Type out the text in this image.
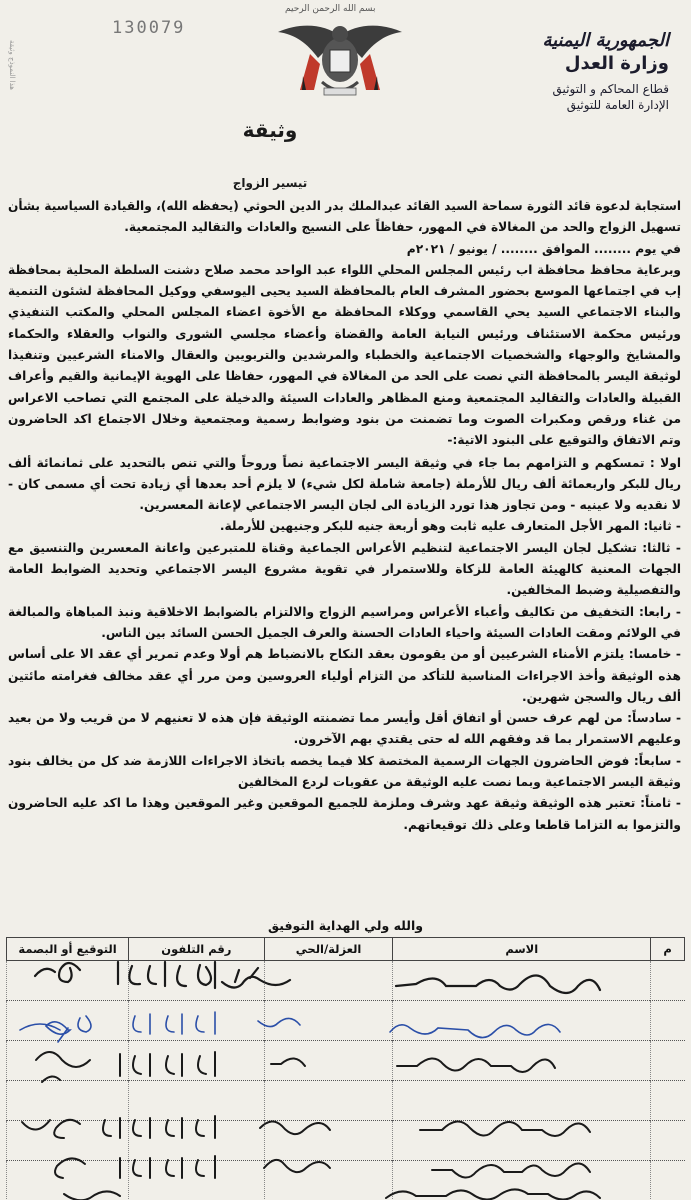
130079
هذا النموذج وثيقة
بسم الله الرحمن الرحيم
الجمهورية اليمنية
وزارة العدل
قطاع المحاكم و التوثيق
الإدارة العامة للتوثيق
وثيقة
تيسير الزواج

استجابة لدعوة قائد الثورة سماحة السيد القائد عبدالملك بدر الدين الحوثي (يحفظه الله)، والقيادة السياسية بشأن تسهيل الزواج والحد من المغالاة في المهور، حفاظاً على النسيج والعادات والتقاليد المجتمعية.

في يوم ........ الموافق ........ / يونيو / ٢٠٢١م

وبرعاية محافظ محافظة اب رئيس المجلس المحلي اللواء عبد الواحد محمد صلاح دشنت السلطة المحلية بمحافظة إب في اجتماعها الموسع بحضور المشرف العام بالمحافظة السيد يحيى اليوسفي ووكيل المحافظة لشئون التنمية والبناء الاجتماعي السيد يحي القاسمي ووكلاء المحافظة مع الأخوة اعضاء المجلس المحلي والمكتب التنفيذي ورئيس محكمة الاستئناف ورئيس النيابة العامة والقضاة وأعضاء مجلسي الشورى والنواب والعقلاء والحكماء والمشايخ والوجهاء والشخصيات الاجتماعية والخطباء والمرشدين والتربويين والعقال والامناء الشرعيين وتنفيذا لوثيقة اليسر بالمحافظة التي نصت على الحد من المغالاة في المهور، حفاظا على الهوية الإيمانية والقيم وأعراف القبيلة والعادات والتقاليد المجتمعية ومنع المظاهر والعادات السيئة والدخيلة على المجتمع التي تصاحب الاعراس من غناء ورقص ومكبرات الصوت وما تضمنت من بنود وضوابط رسمية ومجتمعية وخلال الاجتماع اكد الحاضرون وتم الاتفاق والتوقيع على البنود الاتية:-

اولا : تمسكهم و التزامهم بما جاء في وثيقة اليسر الاجتماعية نصاً وروحاً والتي تنص بالتحديد على ثمانمائة ألف ريال للبكر واربعمائة ألف ريال للأرملة (جامعة شاملة لكل شيء) لا يلزم أحد بعدها أي زيادة تحت أي مسمى كان - لا نقديه ولا عينيه - ومن تجاوز هذا تورد الزيادة الى لجان اليسر الاجتماعي لإعانة المعسرين.

- ثانيا: المهر الأجل المتعارف عليه ثابت وهو أربعة جنيه للبكر وجنيهين للأرملة.

- ثالثا: تشكيل لجان اليسر الاجتماعية لتنظيم الأعراس الجماعية وقناة للمتبرعين واعانة المعسرين والتنسيق مع الجهات المعنية كالهيئة العامة للزكاة وللاستمرار في تقوية مشروع اليسر الاجتماعي وتحديد الضوابط العامة والتفصيلية وضبط المخالفين.

- رابعا: التخفيف من تكاليف وأعباء الأعراس ومراسيم الزواج والالتزام بالضوابط الاخلاقية ونبذ المباهاة والمبالغة في الولائم ومقت العادات السيئة واحياء العادات الحسنة والعرف الجميل الحسن السائد بين الناس.

- خامسا: يلتزم الأمناء الشرعيين أو من يقومون بعقد النكاح بالانضباط هم أولا وعدم تمرير أي عقد الا على أساس هذه الوثيقة وأخذ الاجراءات المناسبة للتأكد من التزام أولياء العروسين ومن مرر أي عقد مخالف فغرامته مائتين ألف ريال والسجن شهرين.

- سادساً: من لهم عرف حسن أو اتفاق أقل وأيسر مما تضمنته الوثيقة فإن هذه لا تعنيهم لا من قريب ولا من بعيد وعليهم الاستمرار بما قد وفقهم الله له حتى يقتدي بهم الآخرون.

- سابعاً: فوض الحاضرون الجهات الرسمية المختصة كلا فيما يخصه باتخاذ الاجراءات اللازمة ضد كل من يخالف بنود وثيقة اليسر الاجتماعية وبما نصت عليه الوثيقة من عقوبات لردع المخالفين

- ثامناً: تعتبر هذه الوثيقة وثيقة عهد وشرف وملزمة للجميع الموقعين وغير الموقعين وهذا ما اكد عليه الحاضرون والتزموا به التزاما قاطعا وعلى ذلك توقيعاتهم.

والله ولي الهداية التوفيق
م	الاسم	العزلة/الحي	رقم التلفون	التوقيع أو البصمة
